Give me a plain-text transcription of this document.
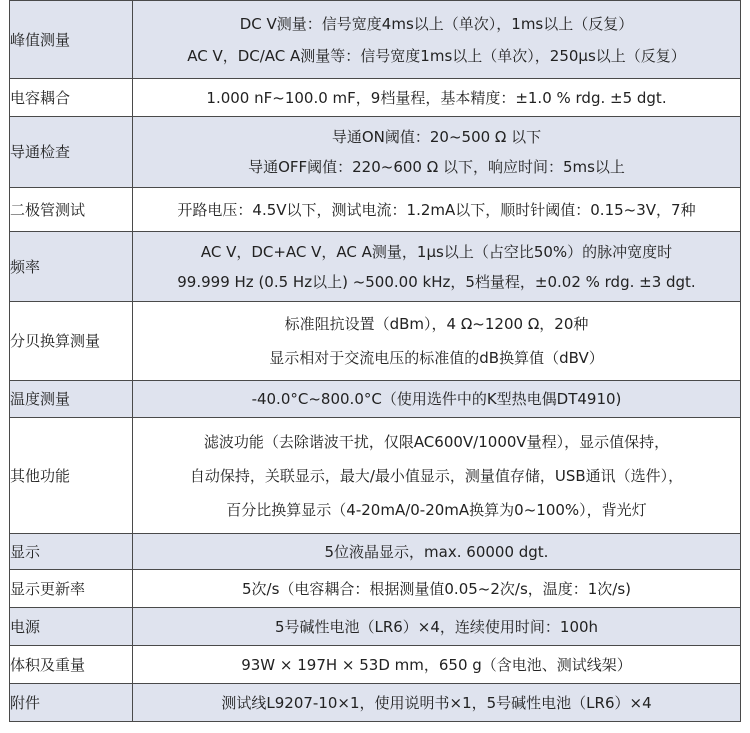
峰值测量	DC V测量：信号宽度4ms以上（单次），1ms以上（反复）
AC V，DC/AC A测量等：信号宽度1ms以上（单次），250μs以上（反复）

电容耦合	1.000 nF~100.0 mF，9档量程，基本精度：±1.0 % rdg. ±5 dgt.

导通检查	导通ON阈值：20~500 Ω 以下
导通OFF阈值：220~600 Ω 以下，响应时间：5ms以上

二极管测试	开路电压：4.5V以下，测试电流：1.2mA以下，顺时针阈值：0.15~3V，7种

频率	AC V，DC+AC V，AC A测量，1μs以上（占空比50%）的脉冲宽度时
99.999 Hz (0.5 Hz以上) ~500.00 kHz，5档量程，±0.02 % rdg. ±3 dgt.

分贝换算测量	标准阻抗设置（dBm），4 Ω~1200 Ω，20种
显示相对于交流电压的标准值的dB换算值（dBV）

温度测量	-40.0°C~800.0°C（使用选件中的K型热电偶DT4910)

其他功能	滤波功能（去除谐波干扰，仅限AC600V/1000V量程），显示值保持，
自动保持，关联显示，最大/最小值显示，测量值存储，USB通讯（选件），
百分比换算显示（4-20mA/0-20mA换算为0~100%），背光灯

显示	5位液晶显示，max. 60000 dgt.

显示更新率	5次/s（电容耦合：根据测量值0.05~2次/s，温度：1次/s)

电源	5号碱性电池（LR6）×4，连续使用时间：100h

体积及重量	93W × 197H × 53D mm，650 g（含电池、测试线架）

附件	测试线L9207-10×1，使用说明书×1，5号碱性电池（LR6）×4
